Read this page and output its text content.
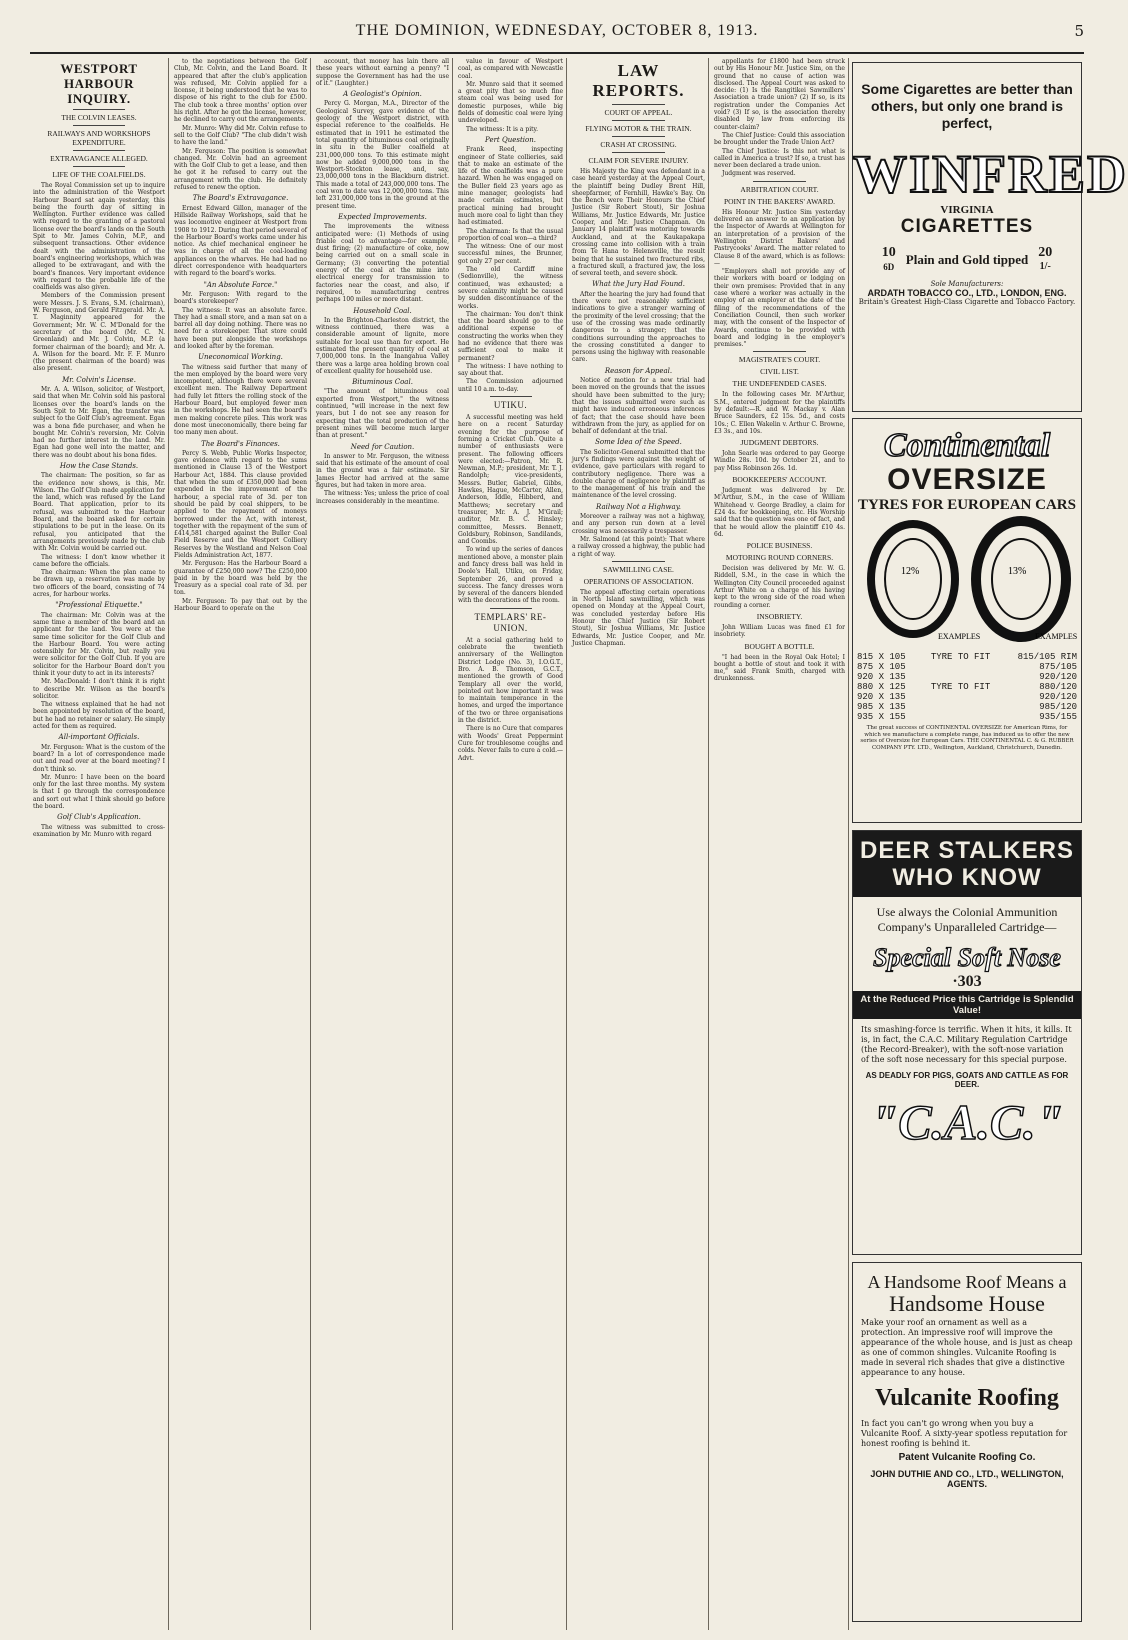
THE DOMINION, WEDNESDAY, OCTOBER 8, 1913.	5
WESTPORT HARBOUR INQUIRY.
THE COLVIN LEASES.
RAILWAYS AND WORKSHOPS EXPENDITURE.
EXTRAVAGANCE ALLEGED.
LIFE OF THE COALFIELDS.

The Royal Commission set up to inquire into the administration of the Westport Harbour Board sat again yesterday, this being the fourth day of sitting in Wellington. Further evidence was called with regard to the granting of a pastoral license over the board's lands on the South Spit to Mr. James Colvin, M.P., and subsequent transactions. Other evidence dealt with the administration of the board's engineering workshops, which was alleged to be extravagant, and with the board's finances. Very important evidence with regard to the probable life of the coalfields was also given.

Members of the Commission present were Messrs. J. S. Evans, S.M. (chairman), W. Ferguson, and Gerald Fitzgerald. Mr. A. T. Maginnity appeared for the Government; Mr. W. C. M'Donald for the secretary of the board (Mr. C. N. Greenland) and Mr. J. Colvin, M.P. (a former chairman of the board); and Mr. A. A. Wilson for the board. Mr. F. F. Munro (the present chairman of the board) was also present.

Mr. Colvin's License.

Mr. A. A. Wilson, solicitor, of Westport, said that when Mr. Colvin sold his pastoral licenses over the board's lands on the South Spit to Mr. Egan, the transfer was subject to the Golf Club's agreement. Egan was a bona fide purchaser, and when he bought Mr. Colvin's reversion, Mr. Colvin had no further interest in the land. Mr. Egan had gone well into the matter, and there was no doubt about his bona fides.

How the Case Stands.

The chairman: The position, so far as the evidence now shows, is this, Mr. Wilson. The Golf Club made application for the land, which was refused by the Land Board. That application, prior to its refusal, was submitted to the Harbour Board, and the board asked for certain stipulations to be put in the lease. On its refusal, you anticipated that the arrangements previously made by the club with Mr. Colvin would be carried out.

The witness: I don't know whether it came before the officials.

The chairman: When the plan came to be drawn up, a reservation was made by two officers of the board, consisting of 74 acres, for harbour works.

"Professional Etiquette."

The chairman: Mr. Colvin was at the same time a member of the board and an applicant for the land. You were at the same time solicitor for the Golf Club and the Harbour Board. You were acting ostensibly for Mr. Colvin, but really you were solicitor for the Golf Club. If you are solicitor for the Harbour Board don't you think it your duty to act in its interests?

Mr. MacDonald: I don't think it is right to describe Mr. Wilson as the board's solicitor.

The witness explained that he had not been appointed by resolution of the board, but he had no retainer or salary. He simply acted for them as required.

All-important Officials.

Mr. Ferguson: What is the custom of the board? In a lot of correspondence made out and read over at the board meeting? I don't think so.

Mr. Munro: I have been on the board only for the last three months. My system is that I go through the correspondence and sort out what I think should go before the board.

Golf Club's Application.

The witness was submitted to cross-examination by Mr. Munro with regard

to the negotiations between the Golf Club, Mr. Colvin, and the Land Board. It appeared that after the club's application was refused, Mr. Colvin applied for a license, it being understood that he was to dispose of his right to the club for £500. The club took a three months' option over his right. After he got the license, however, he declined to carry out the arrangements.

Mr. Munro: Why did Mr. Colvin refuse to sell to the Golf Club? "The club didn't wish to have the land."

Mr. Ferguson: The position is somewhat changed. Mr. Colvin had an agreement with the Golf Club to get a lease, and then he got it he refused to carry out the arrangement with the club. He definitely refused to renew the option.

The Board's Extravagance.

Ernest Edward Gillon, manager of the Hillside Railway Workshops, said that he was locomotive engineer at Westport from 1908 to 1912. During that period several of the Harbour Board's works came under his notice. As chief mechanical engineer he was in charge of all the coal-loading appliances on the wharves. He had had no direct correspondence with headquarters with regard to the board's works.

"An Absolute Farce."

Mr. Ferguson: With regard to the board's storekeeper?

The witness: It was an absolute farce. They had a small store, and a man sat on a barrel all day doing nothing. There was no need for a storekeeper. That store could have been put alongside the workshops and looked after by the foreman.

Uneconomical Working.

The witness said further that many of the men employed by the board were very incompetent, although there were several excellent men. The Railway Department had fully let fitters the rolling stock of the Harbour Board, but employed fewer men in the workshops. He had seen the board's men making concrete piles. This work was done most uneconomically, there being far too many men about.

The Board's Finances.

Percy S. Webb, Public Works Inspector, gave evidence with regard to the sums mentioned in Clause 13 of the Westport Harbour Act, 1884. This clause provided that when the sum of £350,000 had been expended in the improvement of the harbour, a special rate of 3d. per ton should be paid by coal shippers, to be applied to the repayment of moneys borrowed under the Act, with interest, together with the repayment of the sum of £414,581 charged against the Buller Coal Field Reserve and the Westport Colliery Reserves by the Westland and Nelson Coal Fields Administration Act, 1877.

Mr. Ferguson: Has the Harbour Board a guarantee of £250,000 now? The £250,000 paid in by the board was held by the Treasury as a special coal rate of 3d. per ton.

Mr. Ferguson: To pay that out by the Harbour Board to operate on the

account, that money has lain there all these years without earning a penny? "I suppose the Government has had the use of it." (Laughter.)

A Geologist's Opinion.

Percy G. Morgan, M.A., Director of the Geological Survey, gave evidence of the geology of the Westport district, with especial reference to the coalfields. He estimated that in 1911 he estimated the total quantity of bituminous coal originally in situ in the Buller coalfield at 231,000,000 tons. To this estimate might now be added 9,000,000 tons in the Westport-Stockton lease, and, say, 23,000,000 tons in the Blackburn district. This made a total of 243,000,000 tons. The coal won to date was 12,000,000 tons. This left 231,000,000 tons in the ground at the present time.

Expected Improvements.

The improvements the witness anticipated were: (1) Methods of using friable coal to advantage—for example, dust firing; (2) manufacture of coke, now being carried out on a small scale in Germany; (3) converting the potential energy of the coal at the mine into electrical energy for transmission to factories near the coast, and also, if required, to manufacturing centres perhaps 100 miles or more distant.

Household Coal.

In the Brighton-Charleston district, the witness continued, there was a considerable amount of lignite, more suitable for local use than for export. He estimated the present quantity of coal at 7,000,000 tons. In the Inangahua Valley there was a large area holding brown coal of excellent quality for household use.

Bituminous Coal.

"The amount of bituminous coal exported from Westport," the witness continued, "will increase in the next few years, but I do not see any reason for expecting that the total production of the present mines will become much larger than at present."

Need for Caution.

In answer to Mr. Ferguson, the witness said that his estimate of the amount of coal in the ground was a fair estimate. Sir James Hector had arrived at the same figures, but had taken in more area.

The witness: Yes; unless the price of coal increases considerably in the meantime.

value in favour of Westport coal, as compared with Newcastle coal.

Mr. Munro said that it seemed a great pity that so much fine steam coal was being used for domestic purposes, while big fields of domestic coal were lying undeveloped.

The witness: It is a pity.

Pert Question.

Frank Reed, inspecting engineer of State collieries, said that to make an estimate of the life of the coalfields was a pure hazard. When he was engaged on the Buller field 23 years ago as mine manager, geologists had made certain estimates, but practical mining had brought much more coal to light than they had estimated.

The chairman: Is that the usual proportion of coal won—a third?

The witness: One of our most successful mines, the Brunner, got only 27 per cent.

The old Cardiff mine (Sedionville), the witness continued, was exhausted; a severe calamity might be caused by sudden discontinuance of the works.

The chairman: You don't think that the board should go to the additional expense of constructing the works when they had no evidence that there was sufficient coal to make it permanent?

The witness: I have nothing to say about that.

The Commission adjourned until 10 a.m. to-day.

UTIKU.

A successful meeting was held here on a recent Saturday evening for the purpose of forming a Cricket Club. Quite a number of enthusiasts were present. The following officers were elected:—Patron, Mr. R. Newman, M.P.; president, Mr. T. J. Randolph; vice-presidents, Messrs. Butler, Gabriel, Gibbs, Hawkes, Hague, McCarter, Allen, Anderson, Iddle, Hibberd, and Matthews; secretary and treasurer, Mr. A. J. M'Grail; auditor, Mr. B. C. Hinsley; committee, Messrs. Bennett, Goldsbury, Robinson, Sandilands, and Coombs.

To wind up the series of dances mentioned above, a monster plain and fancy dress ball was held in Doole's Hall, Utiku, on Friday, September 26, and proved a success. The fancy dresses worn by several of the dancers blended with the decorations of the room.

TEMPLARS' RE-UNION.

At a social gathering held to celebrate the twentieth anniversary of the Wellington District Lodge (No. 3), I.O.G.T., Bro. A. B. Thomson, G.C.T., mentioned the growth of Good Templary all over the world, pointed out how important it was to maintain temperance in the homes, and urged the importance of the two or three organisations in the district.

There is no Cure that compares with Woods' Great Peppermint Cure for troublesome coughs and colds. Never fails to cure a cold.—Advt.

LAW REPORTS.
COURT OF APPEAL.
FLYING MOTOR & THE TRAIN.
CRASH AT CROSSING.
CLAIM FOR SEVERE INJURY.

His Majesty the King was defendant in a case heard yesterday at the Appeal Court, the plaintiff being Dudley Brent Hill, sheepfarmer, of Fernhill, Hawke's Bay. On the Bench were Their Honours the Chief Justice (Sir Robert Stout), Sir Joshua Williams, Mr. Justice Edwards, Mr. Justice Cooper, and Mr. Justice Chapman. On January 14 plaintiff was motoring towards Auckland, and at the Kaukapakapa crossing came into collision with a train from Te Hana to Helensville, the result being that he sustained two fractured ribs, a fractured skull, a fractured jaw, the loss of several teeth, and severe shock.

What the Jury Had Found.

After the hearing the jury had found that there were not reasonably sufficient indications to give a stranger warning of the proximity of the level crossing; that the use of the crossing was made ordinarily dangerous to a stranger; that the conditions surrounding the approaches to the crossing constituted a danger to persons using the highway with reasonable care.

Reason for Appeal.

Notice of motion for a new trial had been moved on the grounds that the issues should have been submitted to the jury; that the issues submitted were such as might have induced erroneous inferences of fact; that the case should have been withdrawn from the jury, as applied for on behalf of defendant at the trial.

Some Idea of the Speed.

The Solicitor-General submitted that the jury's findings were against the weight of evidence, gave particulars with regard to contributory negligence. There was a double charge of negligence by plaintiff as to the management of his train and the maintenance of the level crossing.

Railway Not a Highway.

Moreover a railway was not a highway, and any person run down at a level crossing was necessarily a trespasser.

Mr. Salmond (at this point): That where a railway crossed a highway, the public had a right of way.

SAWMILLING CASE.
OPERATIONS OF ASSOCIATION.

The appeal affecting certain operations in North Island sawmilling, which was opened on Monday at the Appeal Court, was concluded yesterday before His Honour the Chief Justice (Sir Robert Stout), Sir Joshua Williams, Mr. Justice Edwards, Mr. Justice Cooper, and Mr. Justice Chapman.

appellants for £1800 had been struck out by His Honour Mr. Justice Sim, on the ground that no cause of action was disclosed. The Appeal Court was asked to decide: (1) Is the Rangitikei Sawmillers' Association a trade union? (2) If so, is its registration under the Companies Act void? (3) If so, is the association thereby disabled by law from enforcing its counter-claim?

The Chief Justice: Could this association be brought under the Trade Union Act?

The Chief Justice: Is this not what is called in America a trust? If so, a trust has never been declared a trade union.

Judgment was reserved.

ARBITRATION COURT.
POINT IN THE BAKERS' AWARD.

His Honour Mr. Justice Sim yesterday delivered an answer to an application by the Inspector of Awards at Wellington for an interpretation of a provision of the Wellington District Bakers' and Pastrycooks' Award. The matter related to Clause 8 of the award, which is as follows:—

"Employers shall not provide any of their workers with board or lodging on their own premises: Provided that in any case where a worker was actually in the employ of an employer at the date of the filing of the recommendations of the Conciliation Council, then such worker may, with the consent of the Inspector of Awards, continue to be provided with board and lodging in the employer's premises."

MAGISTRATE'S COURT.
CIVIL LIST.
THE UNDEFENDED CASES.

In the following cases Mr. M'Arthur, S.M., entered judgment for the plaintiffs by default:—R. and W. Mackay v. Alan Bruce Saunders, £2 15s. 5d., and costs 10s.; C. Ellen Wakelin v. Arthur C. Browne, £3 3s., and 10s.

JUDGMENT DEBTORS.

John Searle was ordered to pay George Windle 28s. 10d. by October 21, and to pay Miss Robinson 26s. 1d.

BOOKKEEPERS' ACCOUNT.

Judgment was delivered by Dr. M'Arthur, S.M., in the case of William Whitehead v. George Bradley, a claim for £24 4s. for bookkeeping, etc. His Worship said that the question was one of fact, and that he would allow the plaintiff £10 4s. 6d.

POLICE BUSINESS.
MOTORING ROUND CORNERS.

Decision was delivered by Mr. W. G. Riddell, S.M., in the case in which the Wellington City Council proceeded against Arthur White on a charge of his having kept to the wrong side of the road when rounding a corner.

INSOBRIETY.

John William Lucas was fined £1 for insobriety.

BOUGHT A BOTTLE.

"I had been in the Royal Oak Hotel; I bought a bottle of stout and took it with me," said Frank Smith, charged with drunkenness.

Some Cigarettes are better than others, but only one brand is perfect,
WINFRED
VIRGINIA
CIGARETTES
10
6D Plain and Gold tipped 20
1/-
Sole Manufacturers:
ARDATH TOBACCO CO., LTD., LONDON, ENG.
Britain's Greatest High-Class Cigarette and Tobacco Factory.
Continental
OVERSIZE
TYRES FOR EUROPEAN CARS
12%	13%
EXAMPLES	EXAMPLES
815 X 105	TYRE TO FIT	815/105 RIM
875 X 105		875/105
920 X 135		920/120
880 X 125	TYRE TO FIT	880/120
920 X 135		920/120
985 X 135		985/120
935 X 155		935/155
The great success of CONTINENTAL OVERSIZE for American Rims, for which we manufacture a complete range, has induced us to offer the new series of Oversize for European Cars. THE CONTINENTAL C. & G. RUBBER COMPANY PTY. LTD., Wellington, Auckland, Christchurch, Dunedin.
DEER STALKERS WHO KNOW
Use always the Colonial Ammunition Company's Unparalleled Cartridge—
Special Soft Nose
·303
At the Reduced Price this Cartridge is Splendid Value!
Its smashing-force is terrific. When it hits, it kills. It is, in fact, the C.A.C. Military Regulation Cartridge (the Record-Breaker), with the soft-nose variation of the soft nose necessary for this special purpose.
AS DEADLY FOR PIGS, GOATS AND CATTLE AS FOR DEER.
"C.A.C."
A Handsome Roof Means a
Handsome House
Make your roof an ornament as well as a protection. An impressive roof will improve the appearance of the whole house, and is just as cheap as one of common shingles. Vulcanite Roofing is made in several rich shades that give a distinctive appearance to any house.
Vulcanite Roofing
In fact you can't go wrong when you buy a Vulcanite Roof. A sixty-year spotless reputation for honest roofing is behind it.
Patent Vulcanite Roofing Co.
JOHN DUTHIE AND CO., LTD., WELLINGTON, AGENTS.
